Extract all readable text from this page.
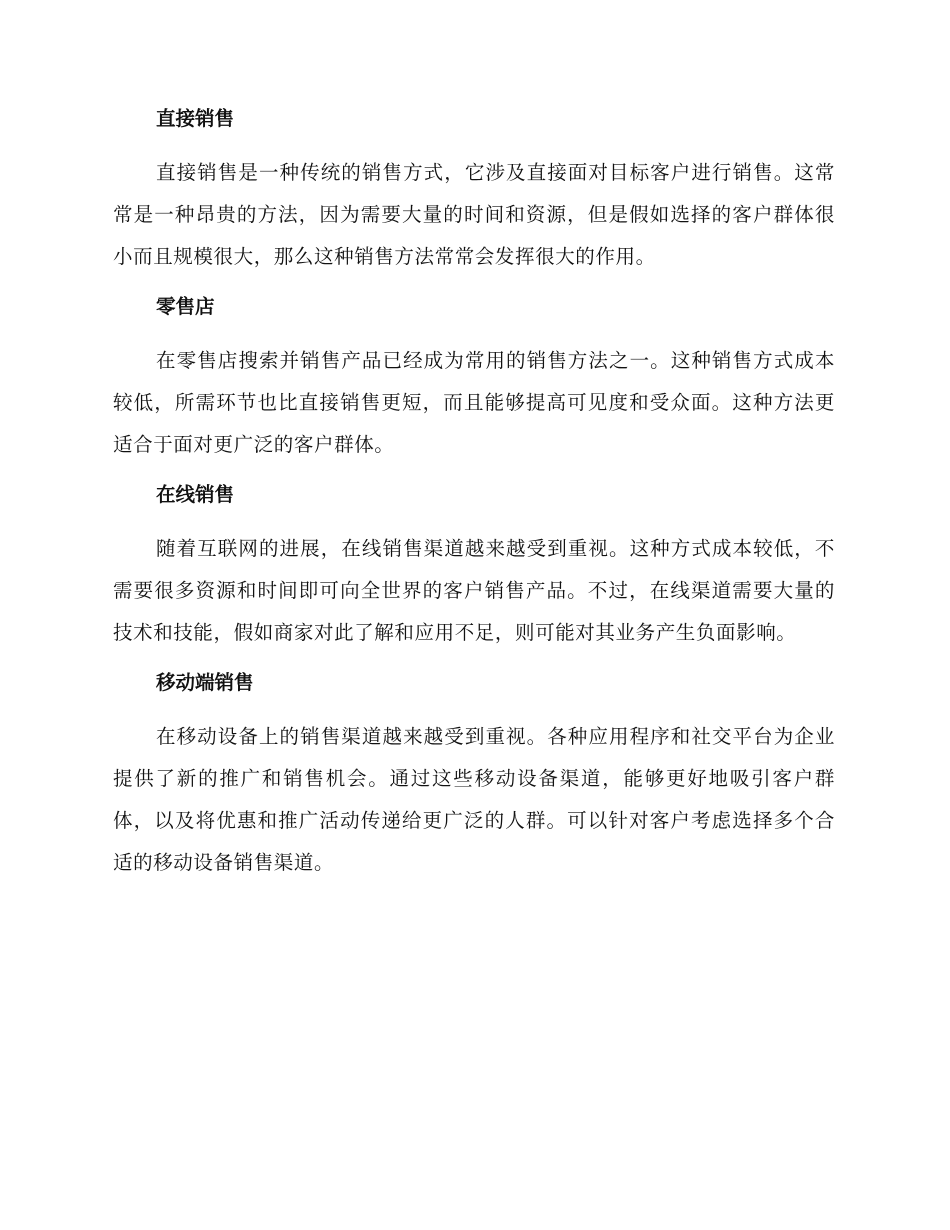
直接销售

直接销售是一种传统的销售方式，它涉及直接面对目标客户进行销售。这常常是一种昂贵的方法，因为需要大量的时间和资源，但是假如选择的客户群体很小而且规模很大，那么这种销售方法常常会发挥很大的作用。

零售店

在零售店搜索并销售产品已经成为常用的销售方法之一。这种销售方式成本较低，所需环节也比直接销售更短，而且能够提高可见度和受众面。这种方法更适合于面对更广泛的客户群体。

在线销售

随着互联网的进展，在线销售渠道越来越受到重视。这种方式成本较低，不需要很多资源和时间即可向全世界的客户销售产品。不过，在线渠道需要大量的技术和技能，假如商家对此了解和应用不足，则可能对其业务产生负面影响。

移动端销售

在移动设备上的销售渠道越来越受到重视。各种应用程序和社交平台为企业提供了新的推广和销售机会。通过这些移动设备渠道，能够更好地吸引客户群体，以及将优惠和推广活动传递给更广泛的人群。可以针对客户考虑选择多个合适的移动设备销售渠道。
